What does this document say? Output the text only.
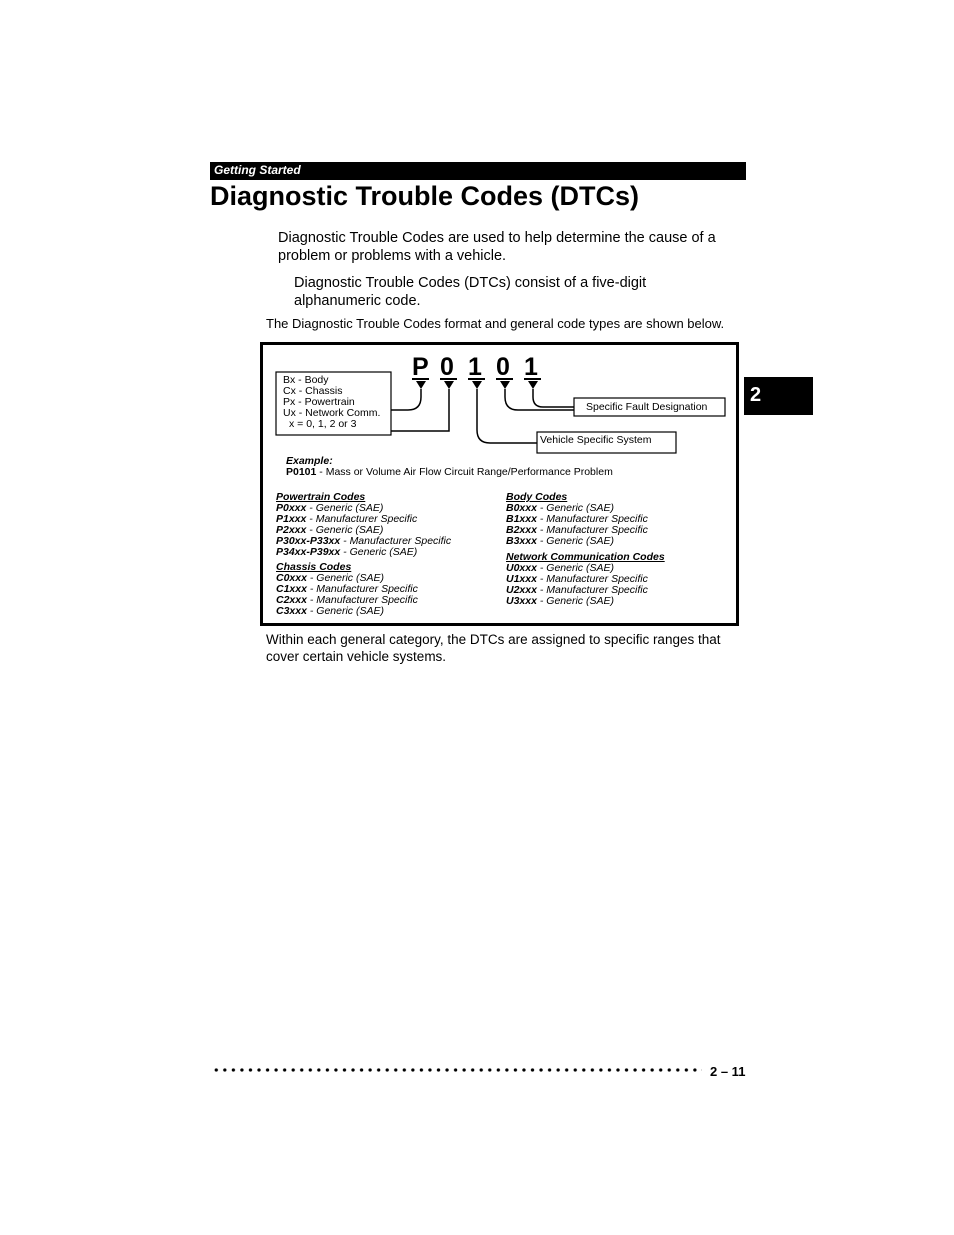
Getting Started
Diagnostic Trouble Codes (DTCs)

Diagnostic Trouble Codes are used to help determine the cause of a problem or problems with a vehicle.

Diagnostic Trouble Codes (DTCs) consist of a five-digit alphanumeric code.

The Diagnostic Trouble Codes format and general code types are shown below.

P 0 1 0 1
Bx - Body
Cx - Chassis
Px - Powertrain
Ux - Network Comm.
x = 0, 1, 2 or 3
Specific Fault Designation
Vehicle Specific System
Example:
P0101 - Mass or Volume Air Flow Circuit Range/Performance Problem
Powertrain Codes
P0xxx - Generic (SAE)
P1xxx - Manufacturer Specific
P2xxx - Generic (SAE)
P30xx-P33xx - Manufacturer Specific
P34xx-P39xx - Generic (SAE)
Chassis Codes
C0xxx - Generic (SAE)
C1xxx - Manufacturer Specific
C2xxx - Manufacturer Specific
C3xxx - Generic (SAE)
Body Codes
B0xxx - Generic (SAE)
B1xxx - Manufacturer Specific
B2xxx - Manufacturer Specific
B3xxx - Generic (SAE)
Network Communication Codes
U0xxx - Generic (SAE)
U1xxx - Manufacturer Specific
U2xxx - Manufacturer Specific
U3xxx - Generic (SAE)

Within each general category, the DTCs are assigned to specific ranges that cover certain vehicle systems.

2
2 – 11
